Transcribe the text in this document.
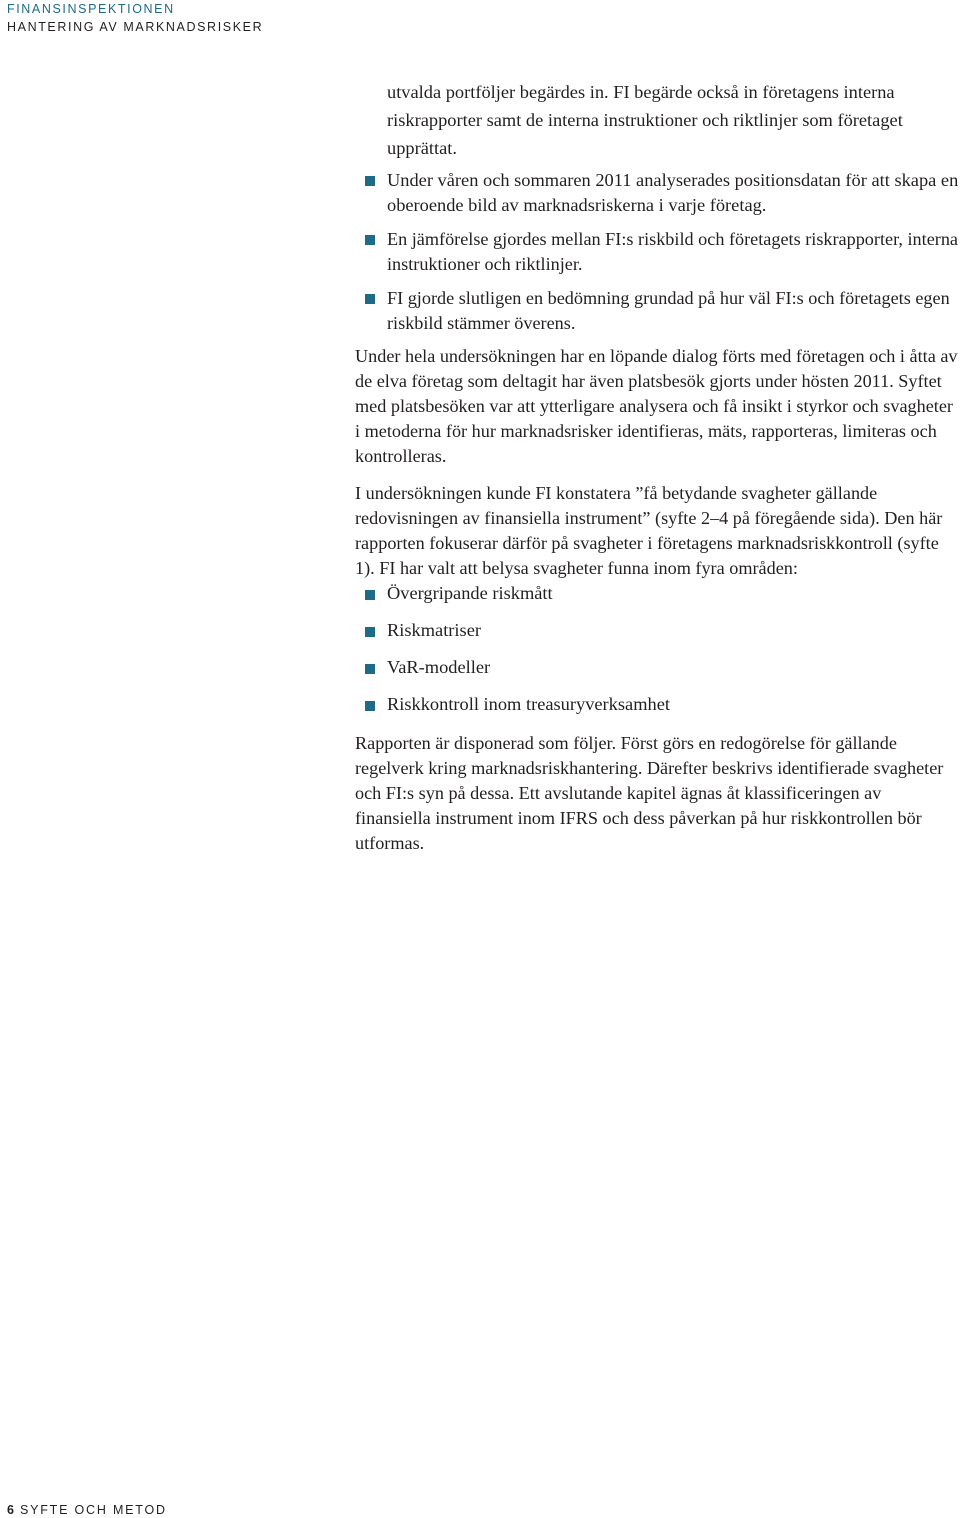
FINANSINSPEKTIONEN
HANTERING AV MARKNADSRISKER

utvalda portföljer begärdes in. FI begärde också in företagens interna riskrapporter samt de interna instruktioner och riktlinjer som företaget upprättat.

Under våren och sommaren 2011 analyserades positionsdatan för att skapa en oberoende bild av marknadsriskerna i varje företag.
En jämförelse gjordes mellan FI:s riskbild och företagets riskrapporter, interna instruktioner och riktlinjer.
FI gjorde slutligen en bedömning grundad på hur väl FI:s och företagets egen riskbild stämmer överens.

Under hela undersökningen har en löpande dialog förts med företagen och i åtta av de elva företag som deltagit har även platsbesök gjorts under hösten 2011. Syftet med platsbesöken var att ytterligare analysera och få insikt i styrkor och svagheter i metoderna för hur marknadsrisker identifieras, mäts, rapporteras, limiteras och kontrolleras.

I undersökningen kunde FI konstatera ”få betydande svagheter gällande redovisningen av finansiella instrument” (syfte 2–4 på föregående sida). Den här rapporten fokuserar därför på svagheter i företagens marknadsriskkontroll (syfte 1). FI har valt att belysa svagheter funna inom fyra områden:

Övergripande riskmått
Riskmatriser
VaR-modeller
Riskkontroll inom treasuryverksamhet

Rapporten är disponerad som följer. Först görs en redogörelse för gällande regelverk kring marknadsriskhantering. Därefter beskrivs identifierade svagheter och FI:s syn på dessa. Ett avslutande kapitel ägnas åt klassificeringen av finansiella instrument inom IFRS och dess påverkan på hur riskkontrollen bör utformas.

6 SYFTE OCH METOD
